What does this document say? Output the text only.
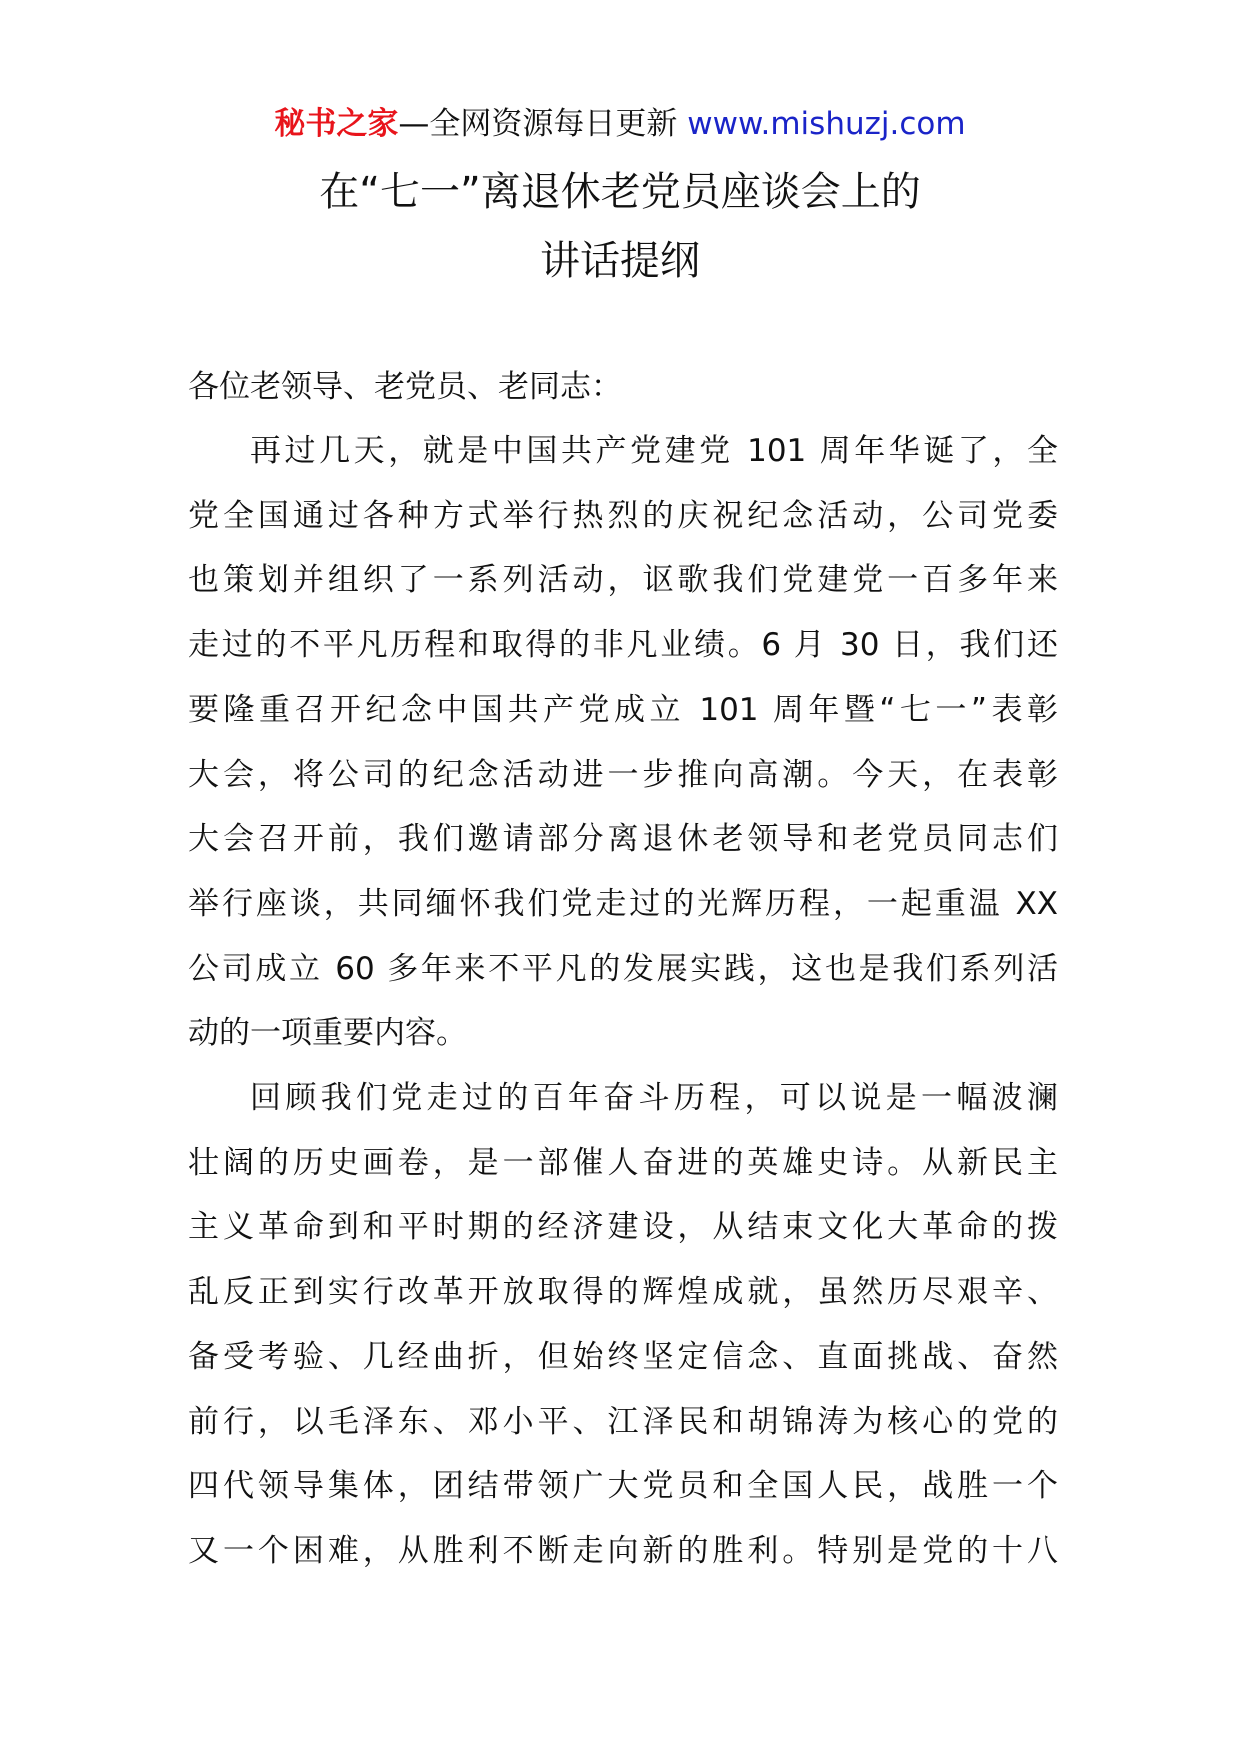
秘书之家—全网资源每日更新 www.mishuzj.com
在“七一”离退休老党员座谈会上的
讲话提纲
各位老领导、老党员、老同志：
再过几天，就是中国共产党建党 101 周年华诞了，全
党全国通过各种方式举行热烈的庆祝纪念活动，公司党委
也策划并组织了一系列活动，讴歌我们党建党一百多年来
走过的不平凡历程和取得的非凡业绩。6 月 30 日，我们还
要隆重召开纪念中国共产党成立 101 周年暨“七一”表彰
大会，将公司的纪念活动进一步推向高潮。今天，在表彰
大会召开前，我们邀请部分离退休老领导和老党员同志们
举行座谈，共同缅怀我们党走过的光辉历程，一起重温 XX
公司成立 60 多年来不平凡的发展实践，这也是我们系列活
动的一项重要内容。
回顾我们党走过的百年奋斗历程，可以说是一幅波澜
壮阔的历史画卷，是一部催人奋进的英雄史诗。从新民主
主义革命到和平时期的经济建设，从结束文化大革命的拨
乱反正到实行改革开放取得的辉煌成就，虽然历尽艰辛、
备受考验、几经曲折，但始终坚定信念、直面挑战、奋然
前行，以毛泽东、邓小平、江泽民和胡锦涛为核心的党的
四代领导集体，团结带领广大党员和全国人民，战胜一个
又一个困难，从胜利不断走向新的胜利。特别是党的十八
